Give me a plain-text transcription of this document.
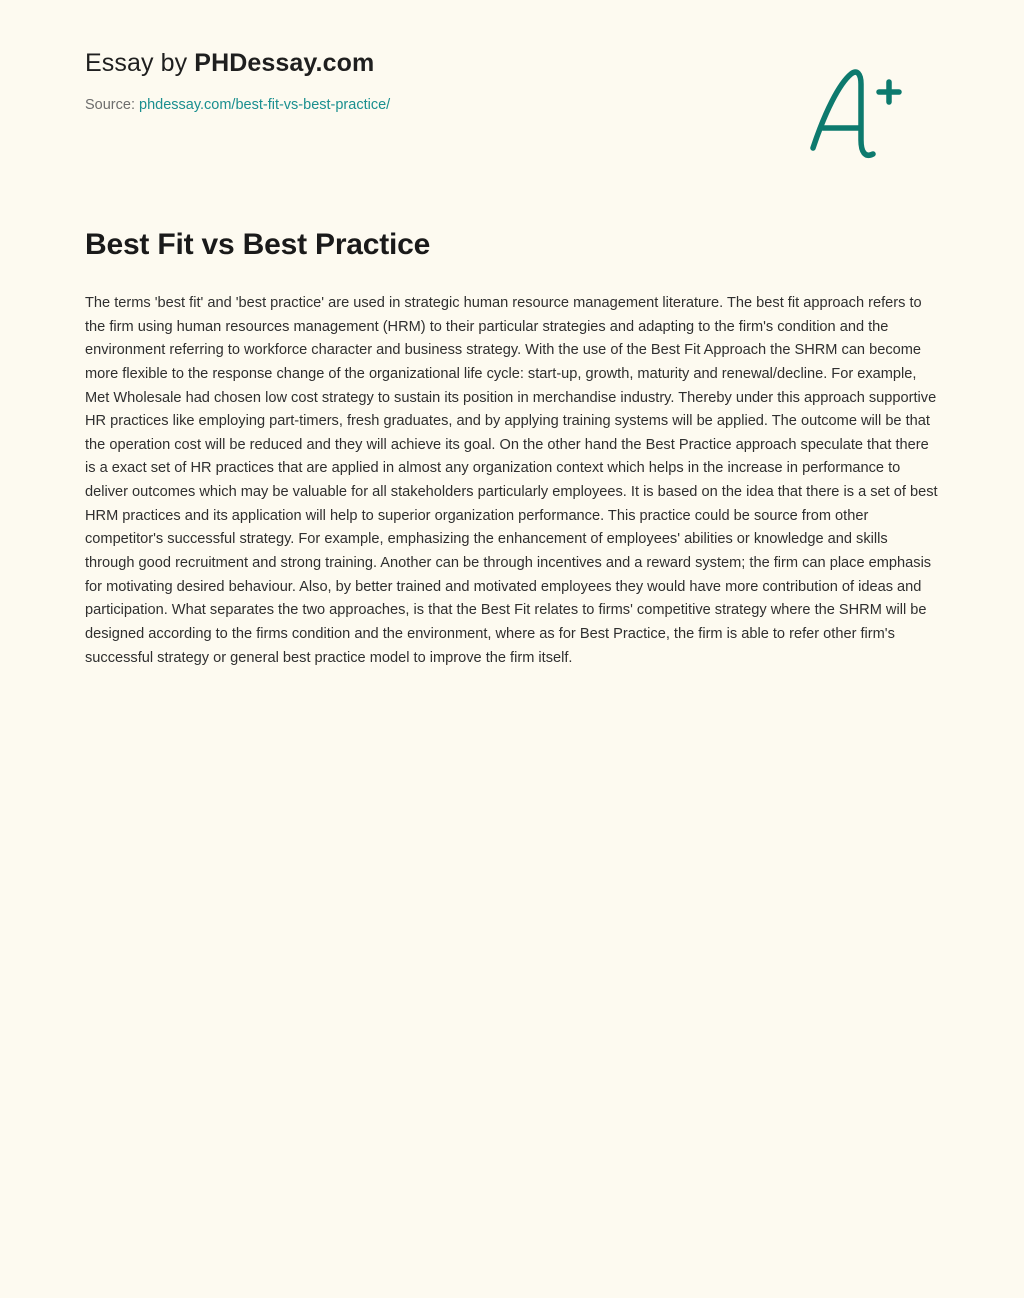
Essay by PHDessay.com
Source: phdessay.com/best-fit-vs-best-practice/
Best Fit vs Best Practice
The terms 'best fit' and 'best practice' are used in strategic human resource management literature. The best fit approach refers to the firm using human resources management (HRM) to their particular strategies and adapting to the firm's condition and the environment referring to workforce character and business strategy. With the use of the Best Fit Approach the SHRM can become more flexible to the response change of the organizational life cycle: start-up, growth, maturity and renewal/decline. For example, Met Wholesale had chosen low cost strategy to sustain its position in merchandise industry. Thereby under this approach supportive HR practices like employing part-timers, fresh graduates, and by applying training systems will be applied. The outcome will be that the operation cost will be reduced and they will achieve its goal. On the other hand the Best Practice approach speculate that there is a exact set of HR practices that are applied in almost any organization context which helps in the increase in performance to deliver outcomes which may be valuable for all stakeholders particularly employees. It is based on the idea that there is a set of best HRM practices and its application will help to superior organization performance. This practice could be source from other competitor's successful strategy. For example, emphasizing the enhancement of employees' abilities or knowledge and skills through good recruitment and strong training. Another can be through incentives and a reward system; the firm can place emphasis for motivating desired behaviour. Also, by better trained and motivated employees they would have more contribution of ideas and participation. What separates the two approaches, is that the Best Fit relates to firms' competitive strategy where the SHRM will be designed according to the firms condition and the environment, where as for Best Practice, the firm is able to refer other firm's successful strategy or general best practice model to improve the firm itself.
